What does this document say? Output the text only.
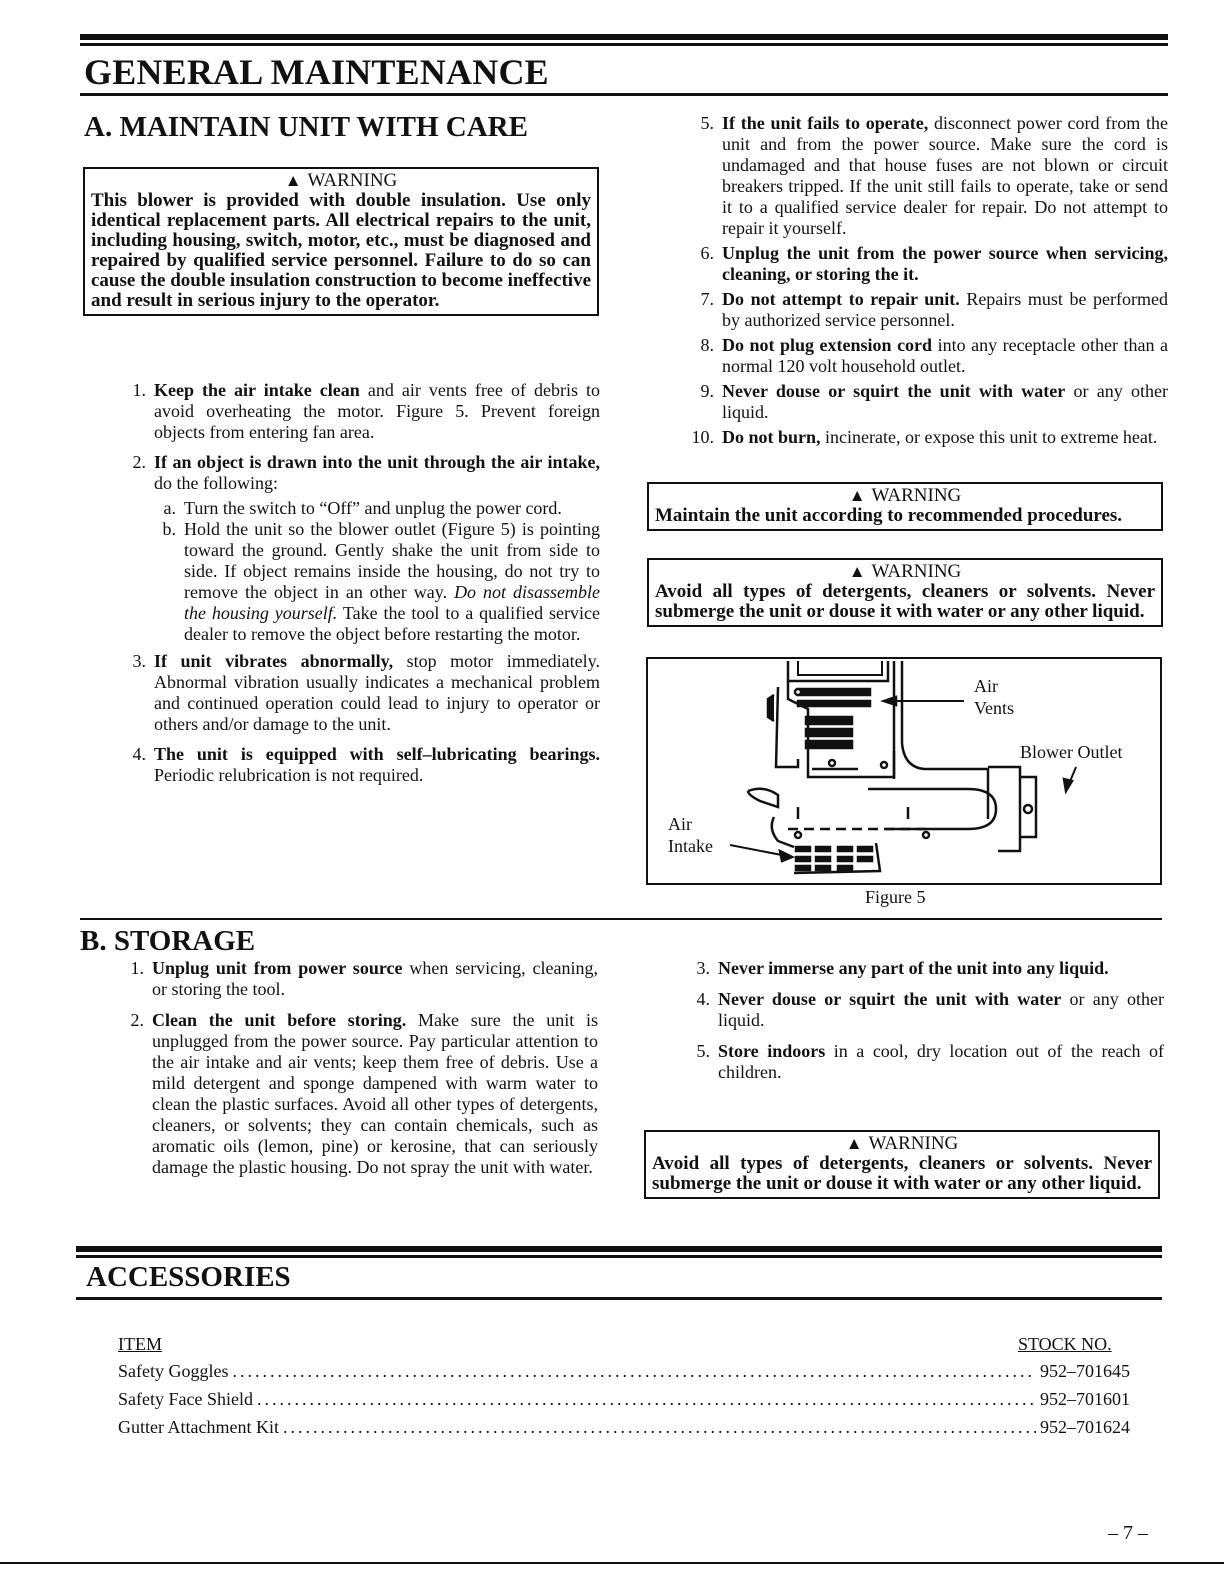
GENERAL MAINTENANCE
A. MAINTAIN UNIT WITH CARE
▲ WARNING
This blower is provided with double insulation. Use only identical replacement parts. All electrical repairs to the unit, including housing, switch, motor, etc., must be diagnosed and repaired by qualified service personnel. Failure to do so can cause the double insulation construction to become ineffective and result in serious injury to the operator.
1. Keep the air intake clean and air vents free of debris to avoid overheating the motor. Figure 5. Prevent foreign objects from entering fan area.
2. If an object is drawn into the unit through the air intake, do the following:
a. Turn the switch to “Off” and unplug the power cord.
b. Hold the unit so the blower outlet (Figure 5) is pointing toward the ground. Gently shake the unit from side to side. If object remains inside the housing, do not try to remove the object in an other way. Do not disassemble the housing yourself. Take the tool to a qualified service dealer to remove the object before restarting the motor.
3. If unit vibrates abnormally, stop motor immediately. Abnormal vibration usually indicates a mechanical problem and continued operation could lead to injury to operator or others and/or damage to the unit.
4. The unit is equipped with self–lubricating bearings. Periodic relubrication is not required.
5. If the unit fails to operate, disconnect power cord from the unit and from the power source. Make sure the cord is undamaged and that house fuses are not blown or circuit breakers tripped. If the unit still fails to operate, take or send it to a qualified service dealer for repair. Do not attempt to repair it yourself.
6. Unplug the unit from the power source when servicing, cleaning, or storing the it.
7. Do not attempt to repair unit. Repairs must be performed by authorized service personnel.
8. Do not plug extension cord into any receptacle other than a normal 120 volt household outlet.
9. Never douse or squirt the unit with water or any other liquid.
10. Do not burn, incinerate, or expose this unit to extreme heat.
▲ WARNING
Maintain the unit according to recommended procedures.
▲ WARNING
Avoid all types of detergents, cleaners or solvents. Never submerge the unit or douse it with water or any other liquid.
Air
Vents
Blower Outlet
Air
Intake
Figure 5
B. STORAGE
1. Unplug unit from power source when servicing, cleaning, or storing the tool.
2. Clean the unit before storing. Make sure the unit is unplugged from the power source. Pay particular attention to the air intake and air vents; keep them free of debris. Use a mild detergent and sponge dampened with warm water to clean the plastic surfaces. Avoid all other types of detergents, cleaners, or solvents; they can contain chemicals, such as aromatic oils (lemon, pine) or kerosine, that can seriously damage the plastic housing. Do not spray the unit with water.
3. Never immerse any part of the unit into any liquid.
4. Never douse or squirt the unit with water or any other liquid.
5. Store indoors in a cool, dry location out of the reach of children.
▲ WARNING
Avoid all types of detergents, cleaners or solvents. Never submerge the unit or douse it with water or any other liquid.
ACCESSORIES
ITEM	STOCK NO.
Safety Goggles .....	952–701645
Safety Face Shield .....	952–701601
Gutter Attachment Kit .....	952–701624
– 7 –
